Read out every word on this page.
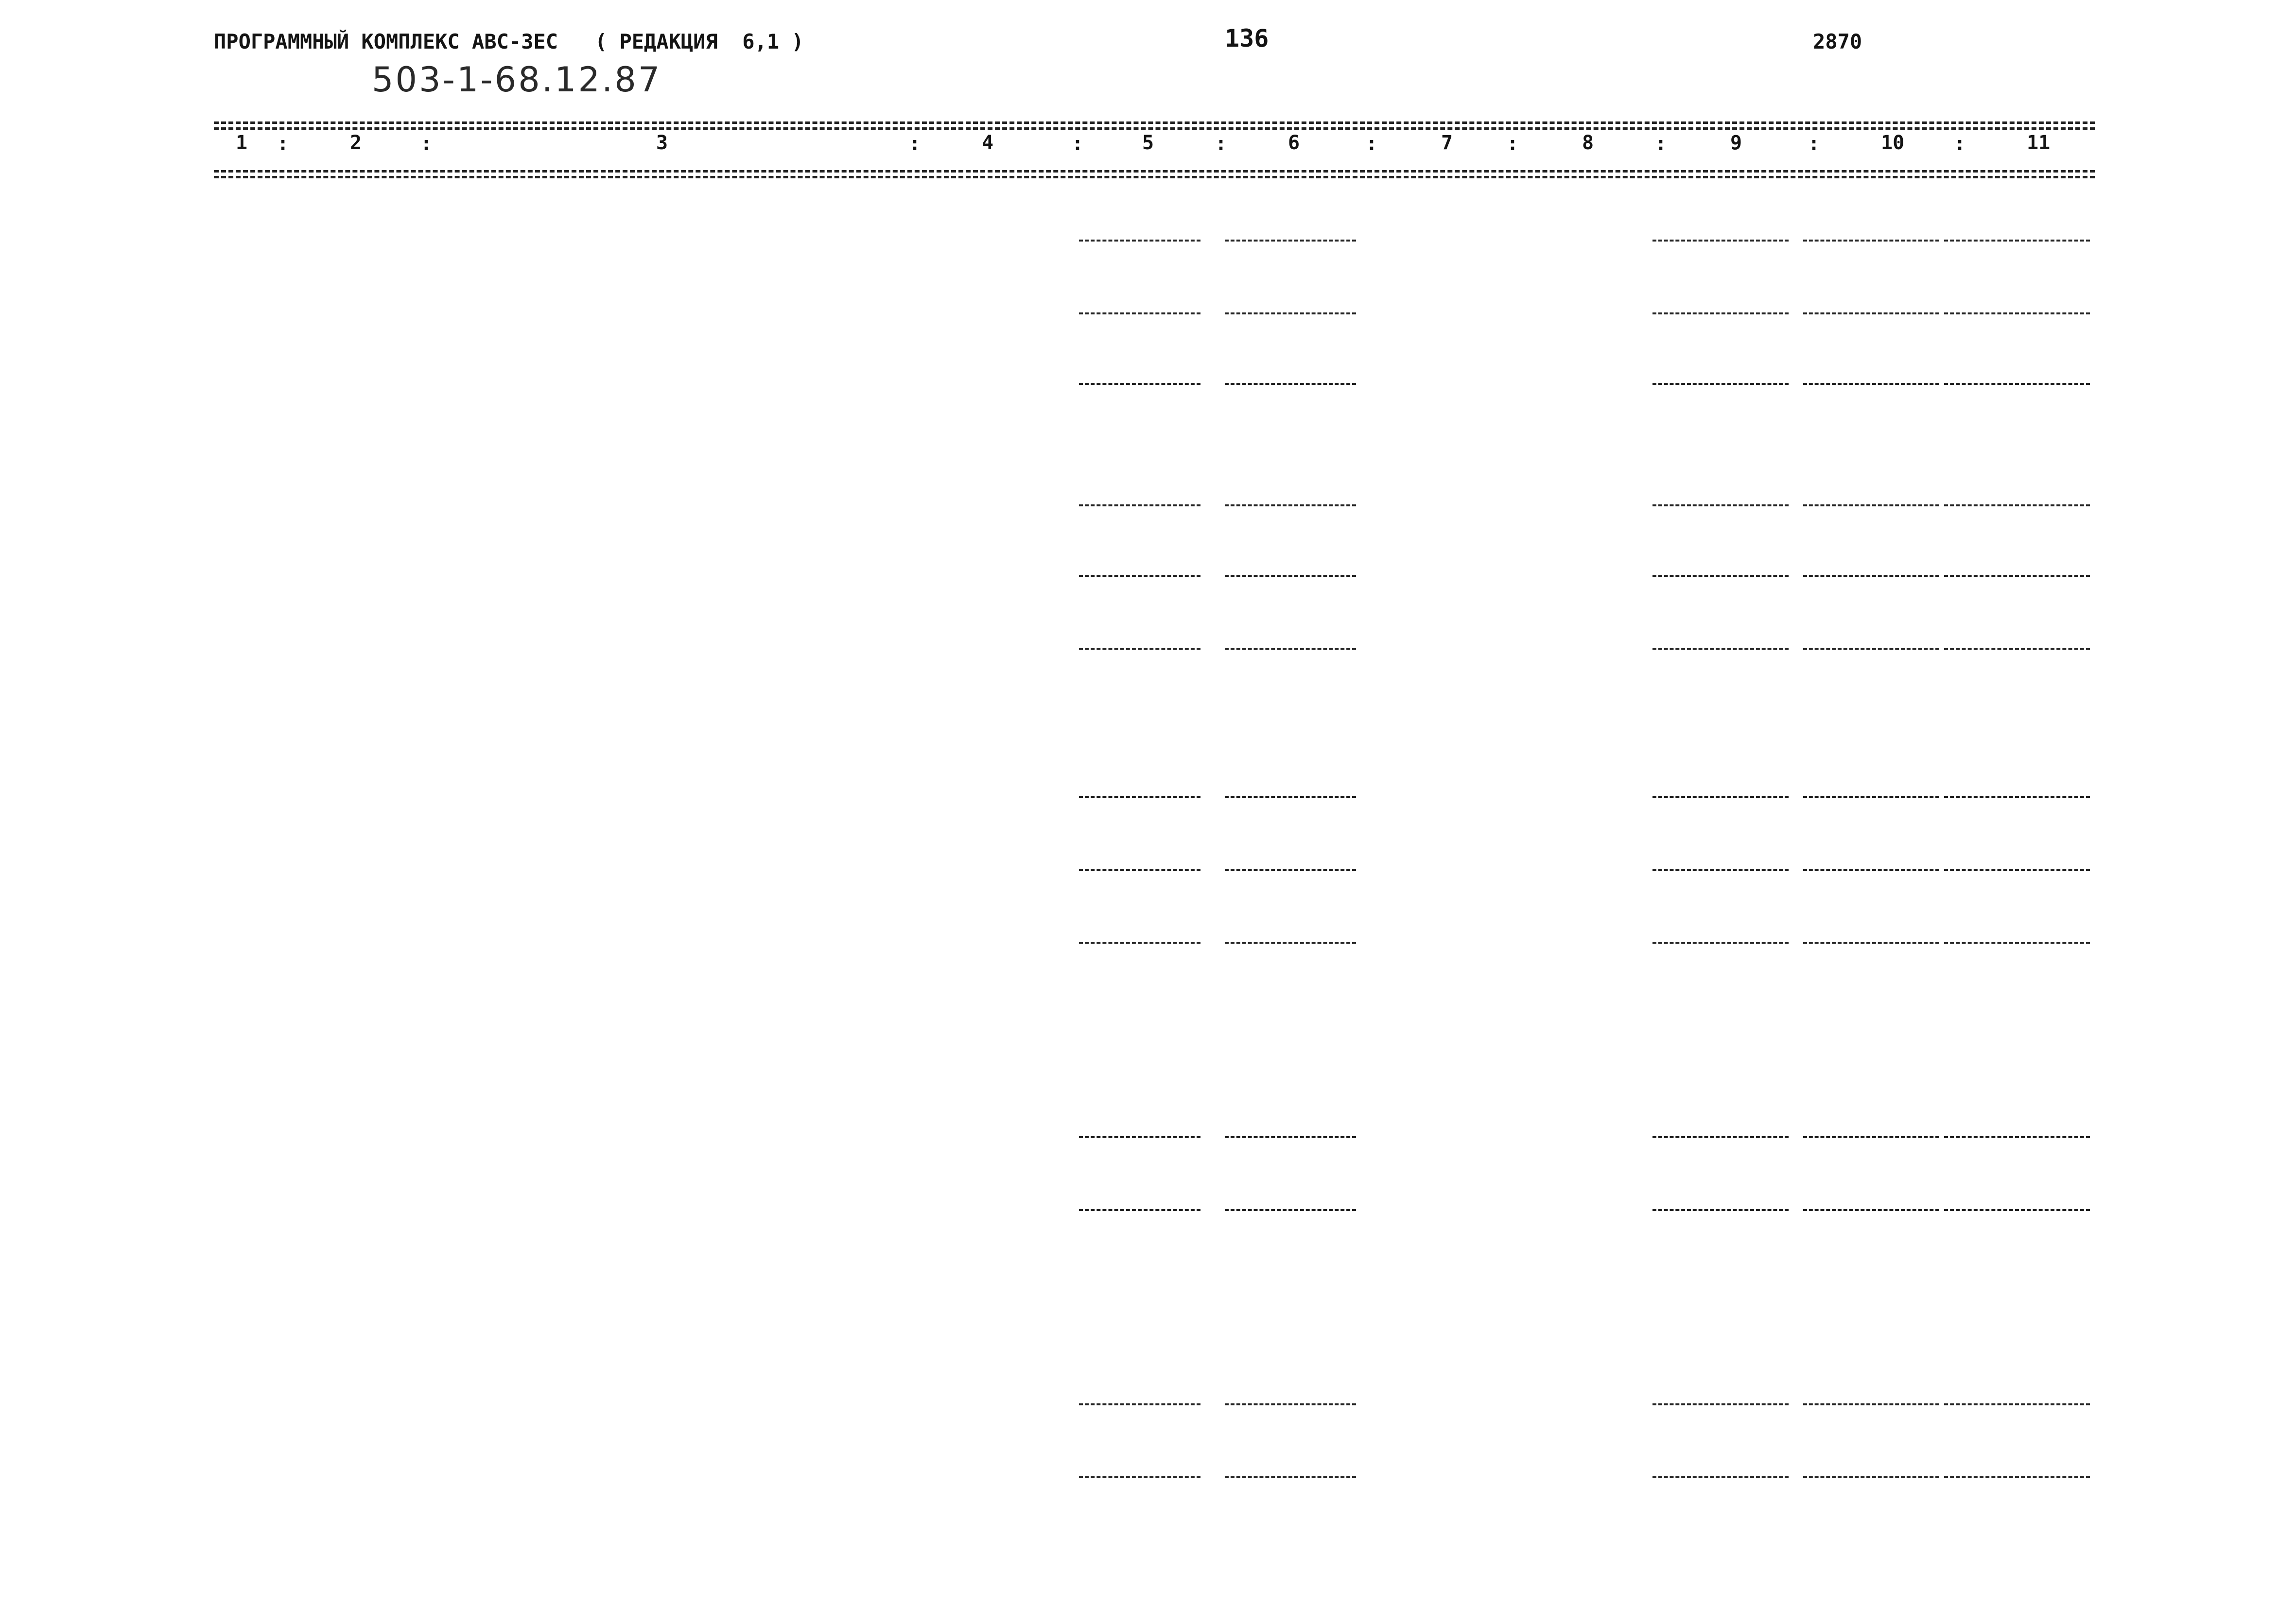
ПРОГРАММНЫЙ КОМПЛЕКС АВС-3ЕС   ( РЕДАКЦИЯ  6,1 )	136	2870
503-1-68.12.87
1	2	3	4	5	6	7	8	9	10	11
:	:	:	:	:	:	:	:	:	:
